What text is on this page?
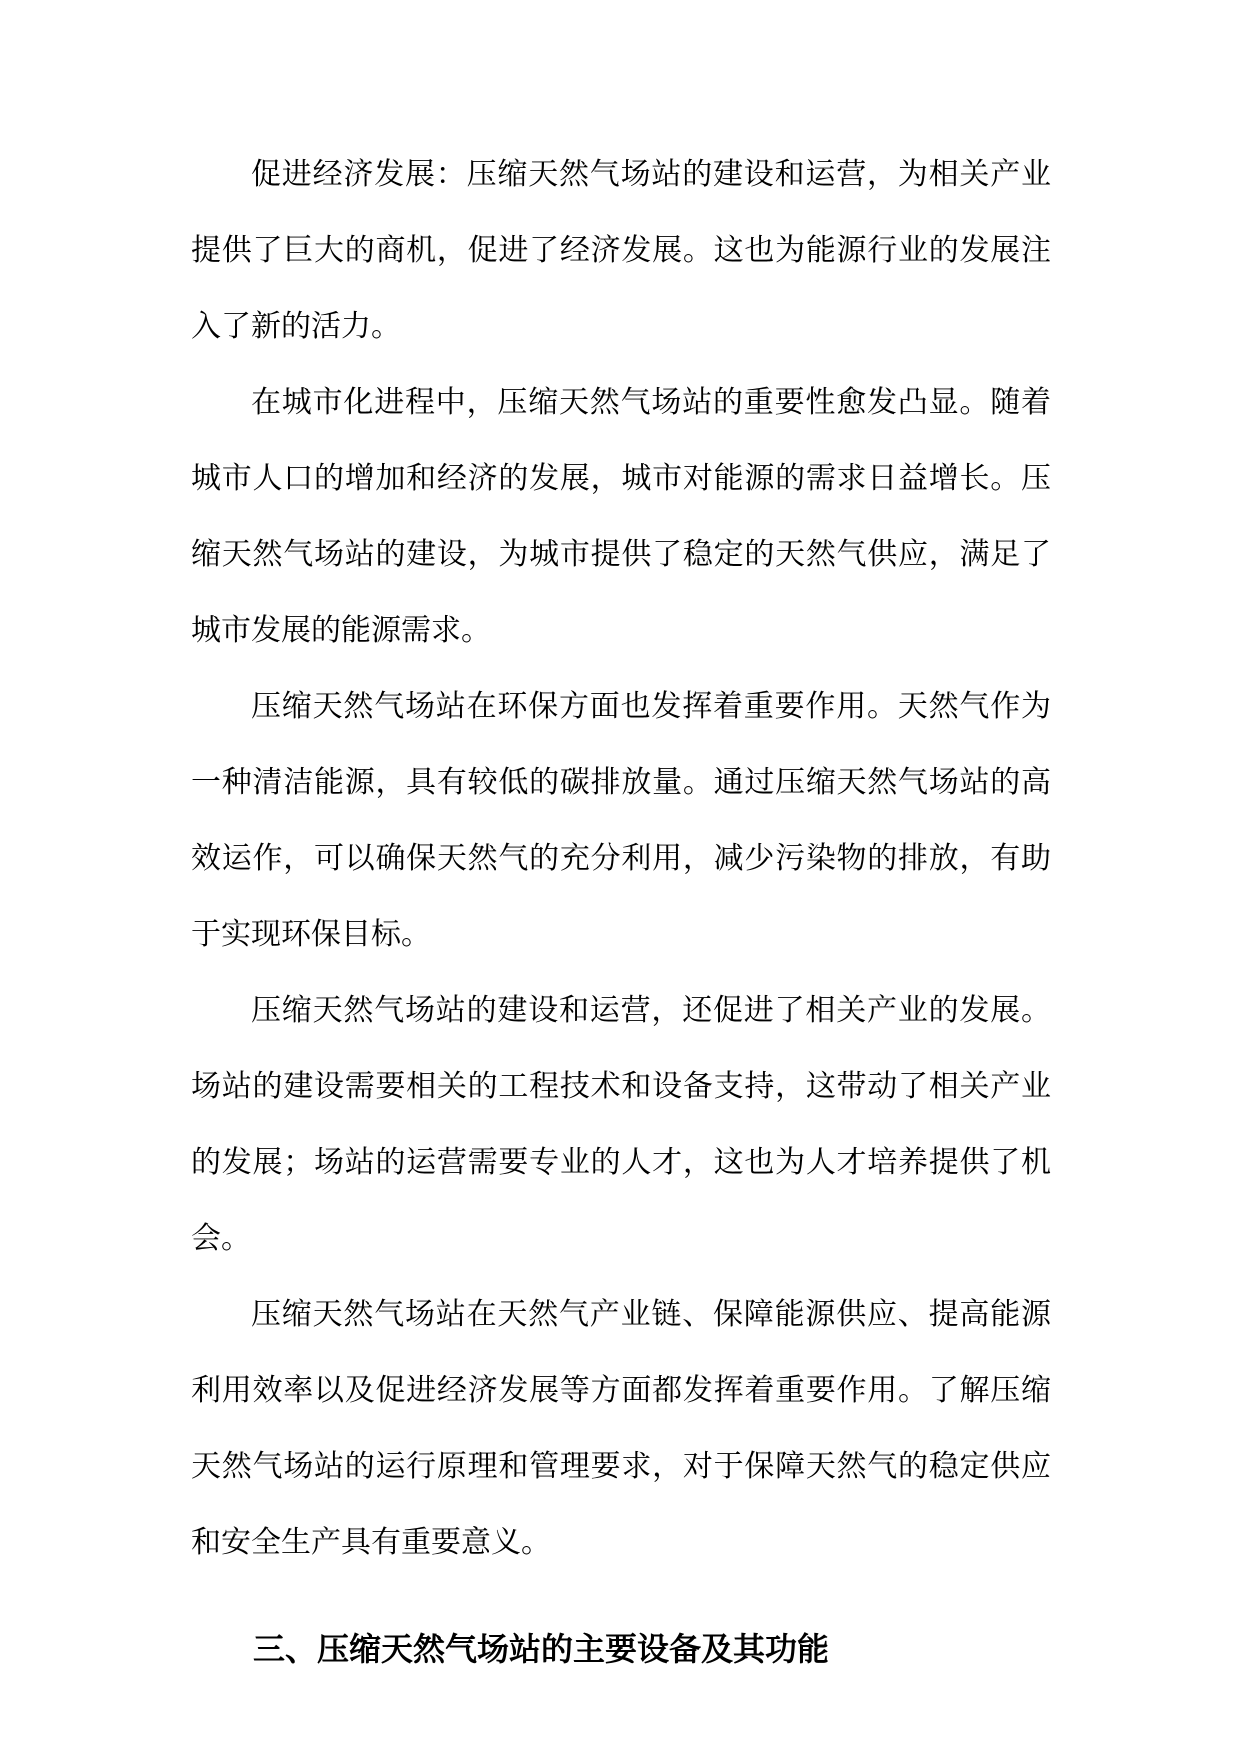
促进经济发展：压缩天然气场站的建设和运营，为相关产业提供了巨大的商机，促进了经济发展。这也为能源行业的发展注入了新的活力。

在城市化进程中，压缩天然气场站的重要性愈发凸显。随着城市人口的增加和经济的发展，城市对能源的需求日益增长。压缩天然气场站的建设，为城市提供了稳定的天然气供应，满足了城市发展的能源需求。

压缩天然气场站在环保方面也发挥着重要作用。天然气作为一种清洁能源，具有较低的碳排放量。通过压缩天然气场站的高效运作，可以确保天然气的充分利用，减少污染物的排放，有助于实现环保目标。

压缩天然气场站的建设和运营，还促进了相关产业的发展。场站的建设需要相关的工程技术和设备支持，这带动了相关产业的发展；场站的运营需要专业的人才，这也为人才培养提供了机会。

压缩天然气场站在天然气产业链、保障能源供应、提高能源利用效率以及促进经济发展等方面都发挥着重要作用。了解压缩天然气场站的运行原理和管理要求，对于保障天然气的稳定供应和安全生产具有重要意义。

三、压缩天然气场站的主要设备及其功能
